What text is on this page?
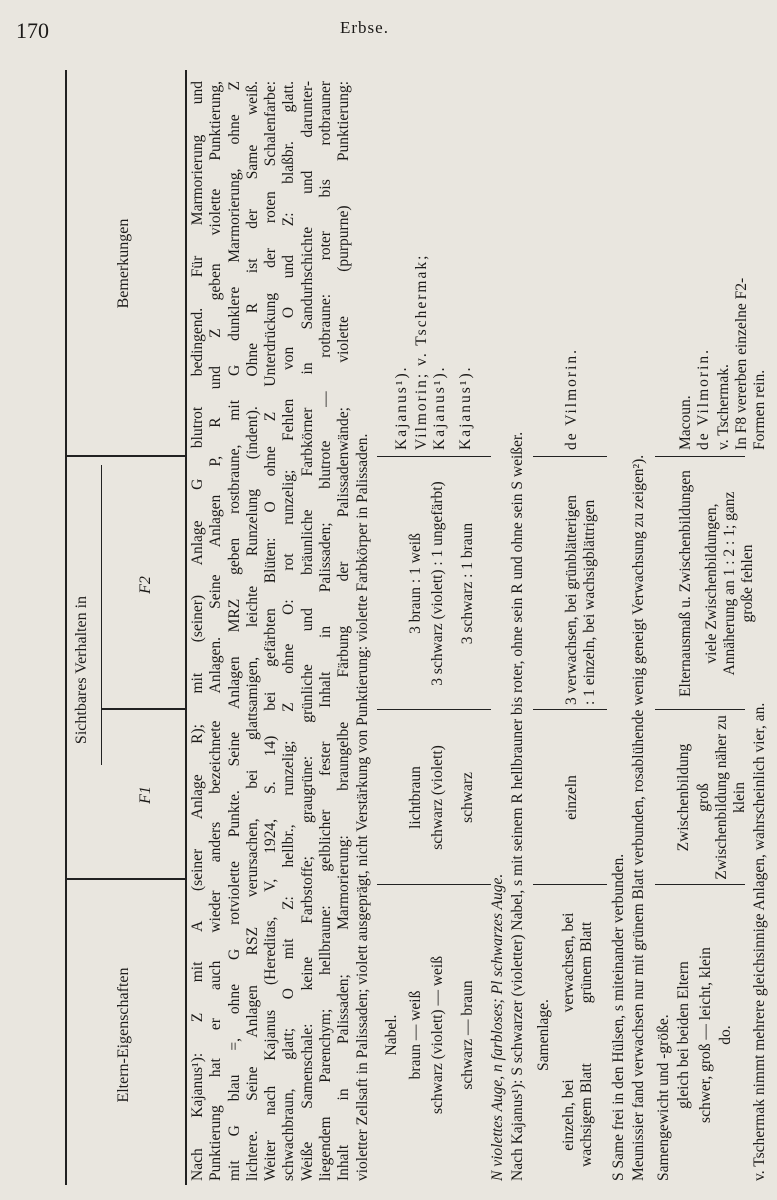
170	Erbse.
Eltern-Eigenschaften
Sichtbares Verhalten in
F1
F2
Bemerkungen	Nach Kajanus¹): Z mit A (seiner Anlage R); mit (seiner) Anlage G blutrot bedingend. Für Marmorierung und Punktierung hat er auch wieder anders bezeichnete Anlagen. Seine Anlagen P, R und Z geben violette Punktierung, mit G blau =, ohne G rotviolette Punkte. Seine Anlagen MRZ geben rostbraune, mit G dunklere Marmorierung, ohne Z lichtere. Seine Anlagen RSZ verursachen, bei glattsamigen, leichte Runzelung (indent). Ohne R ist der Same weiß. Weiter nach Kajanus (Hereditas, V, 1924, S. 14) bei gefärbten Blüten: O ohne Z Unterdrückung der roten Schalenfarbe: schwachbraun, glatt; O mit Z: hellbr., runzelig; Z ohne O: rot runzelig; Fehlen von O und Z: blaßbr. glatt. Weiße Samenschale: keine Farbstoffe; graugrüne: grünliche und bräunliche Farbkörner in Sandurhschichte und darunter- liegendem Parenchym; hellbraune: gelblicher fester Inhalt in Palissaden; blutrote — rotbraune: roter bis rotbrauner Inhalt in Palissaden; Marmorierung: braungelbe Färbung der Palissadenwände; violette (purpurne) Punktierung: violetter Zellsaft in Palissaden; violett ausgeprägt, nicht Verstärkung von Punktierung: violette Farbkörper in Palissaden. Nabel. braun — weiß
lichtbraun
3 braun : 1 weiß
Kajanus¹).
schwarz (violett) — weiß
schwarz (violett)
3 schwarz (violett) : 1 ungefärbt)
Vilmorin; v. Tschermak; Kajanus¹).
schwarz — braun
schwarz
3 schwarz : 1 braun
Kajanus¹).
N violettes Auge, n farbloses; Pl schwarzes Auge. Nach Kajanus¹): S schwarzer (violetter) Nabel, s mit seinem R hellbrauner bis roter, ohne sein R und ohne sein S weißer. Samenlage.
einzeln, bei wachsigem Blatt
verwachsen, bei grünem Blatt
einzeln
3 verwachsen, bei grünblätterigen : 1 einzeln, bei wachsigblättrigen
de Vilmorin.
S Same frei in den Hülsen, s miteinander verbunden. Meunissier fand verwachsen nur mit grünem Blatt verbunden, rosablühende wenig geneigt Verwachsung zu zeigen²). Samengewicht und -größe. gleich bei beiden Eltern
Zwischenbildung
Elternausmaß u. Zwischenbildungen
Macoun.
schwer, groß — leicht, klein do.
groß Zwischenbildung näher zu klein
viele Zwischenbildungen, Annäherung an 1 : 2 : 1; ganz große fehlen
de Vilmorin. v. Tschermak. In F8 vererben einzelne F2- Formen rein.
v. Tschermak nimmt mehrere gleichsinnige Anlagen, wahrscheinlich vier, an.
